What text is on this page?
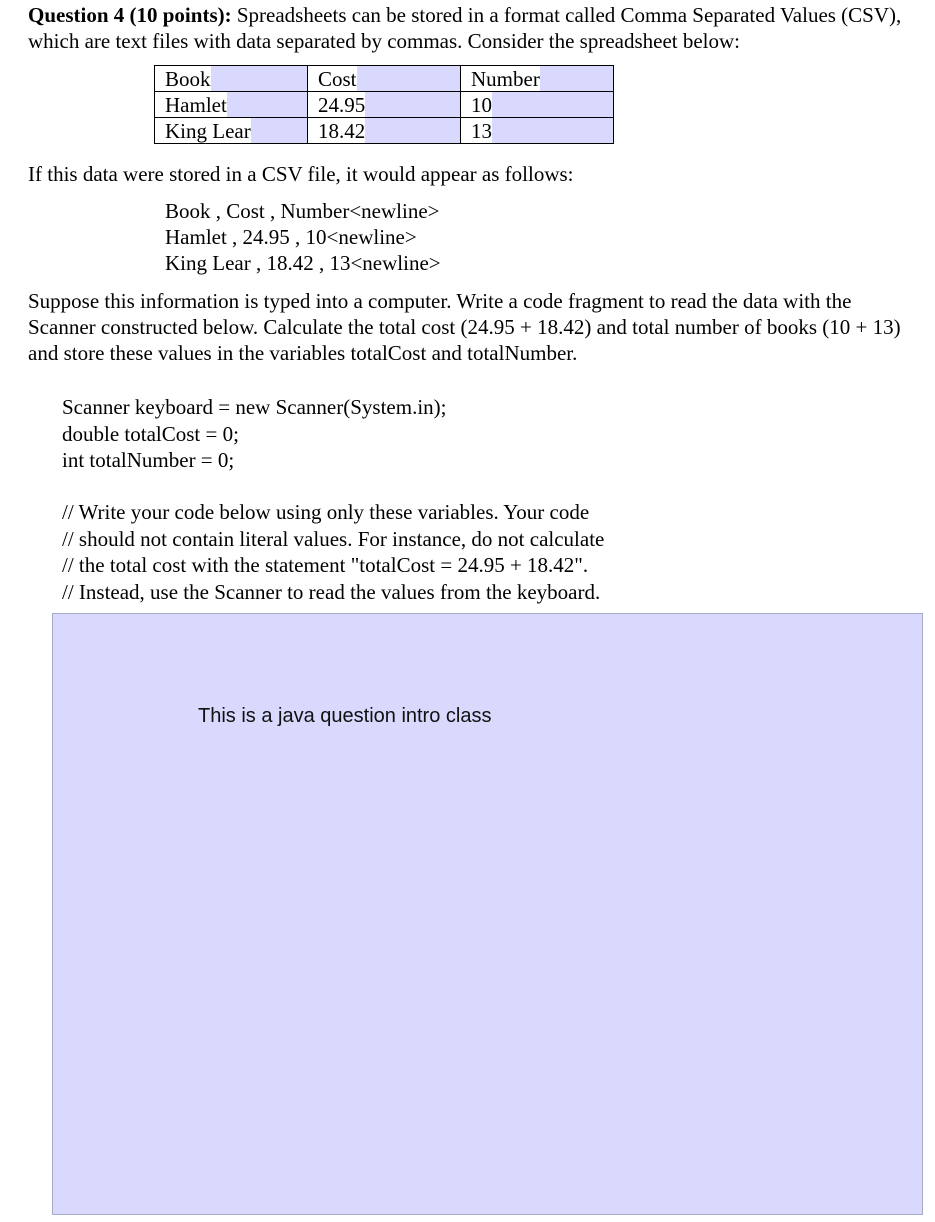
Question 4 (10 points): Spreadsheets can be stored in a format called Comma Separated Values (CSV), which are text files with data separated by commas. Consider the spreadsheet below:
Book	Cost	Number

Hamlet	24.95	10

King Lear	18.42	13
If this data were stored in a CSV file, it would appear as follows:
Book , Cost , Number<newline>
Hamlet , 24.95 , 10<newline>
King Lear , 18.42 , 13<newline>
Suppose this information is typed into a computer. Write a code fragment to read the data with the Scanner constructed below. Calculate the total cost (24.95 + 18.42) and total number of books (10 + 13) and store these values in the variables totalCost and totalNumber.
Scanner keyboard = new Scanner(System.in);
double totalCost = 0;
int totalNumber = 0;
// Write your code below using only these variables. Your code
// should not contain literal values. For instance, do not calculate
// the total cost with the statement "totalCost = 24.95 + 18.42".
// Instead, use the Scanner to read the values from the keyboard.
This is a java question intro class
